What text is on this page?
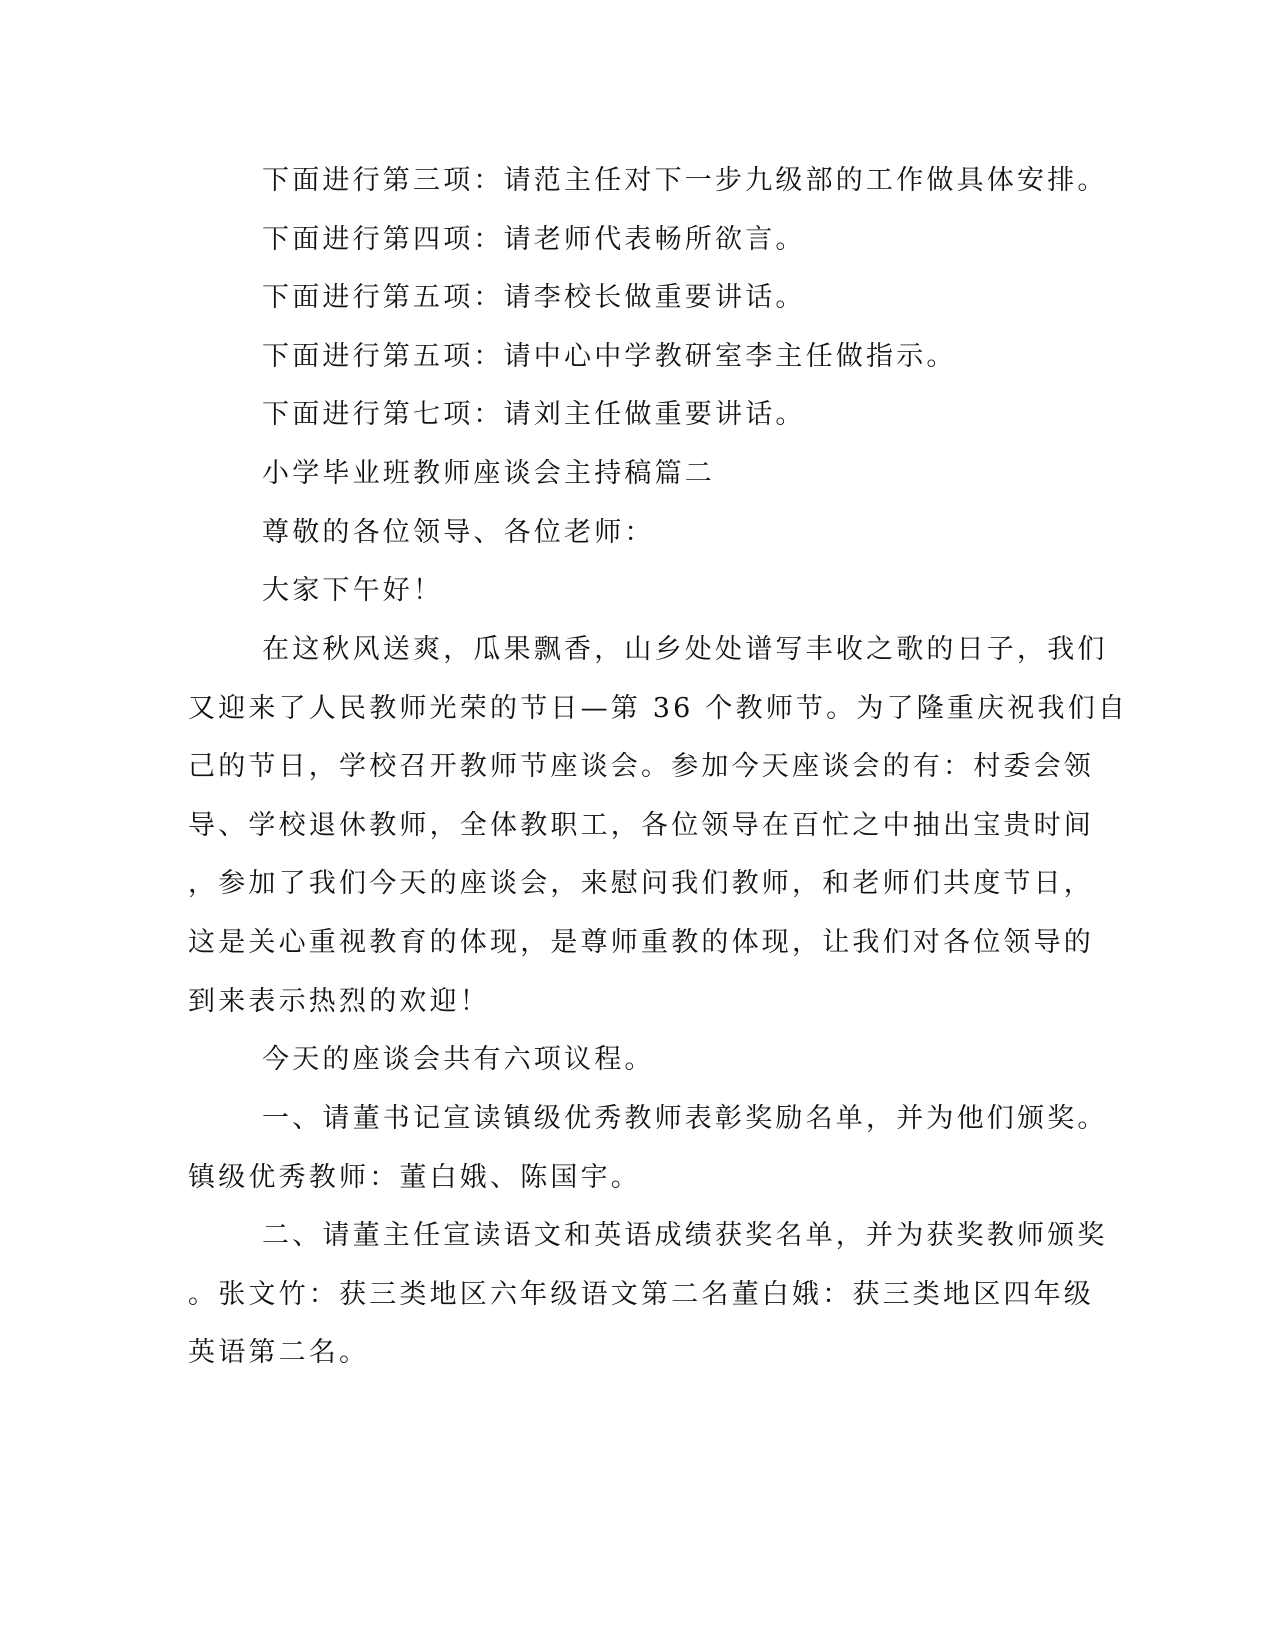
下面进行第三项：请范主任对下一步九级部的工作做具体安排。
下面进行第四项：请老师代表畅所欲言。
下面进行第五项：请李校长做重要讲话。
下面进行第五项：请中心中学教研室李主任做指示。
下面进行第七项：请刘主任做重要讲话。
小学毕业班教师座谈会主持稿篇二
尊敬的各位领导、各位老师：
大家下午好！
在这秋风送爽，瓜果飘香，山乡处处谱写丰收之歌的日子，我们
又迎来了人民教师光荣的节日—第 36 个教师节。为了隆重庆祝我们自
己的节日，学校召开教师节座谈会。参加今天座谈会的有：村委会领
导、学校退休教师，全体教职工，各位领导在百忙之中抽出宝贵时间
，参加了我们今天的座谈会，来慰问我们教师，和老师们共度节日，
这是关心重视教育的体现，是尊师重教的体现，让我们对各位领导的
到来表示热烈的欢迎！
今天的座谈会共有六项议程。
一、请董书记宣读镇级优秀教师表彰奖励名单，并为他们颁奖。
镇级优秀教师：董白娥、陈国宇。
二、请董主任宣读语文和英语成绩获奖名单，并为获奖教师颁奖
。张文竹：获三类地区六年级语文第二名董白娥：获三类地区四年级
英语第二名。
